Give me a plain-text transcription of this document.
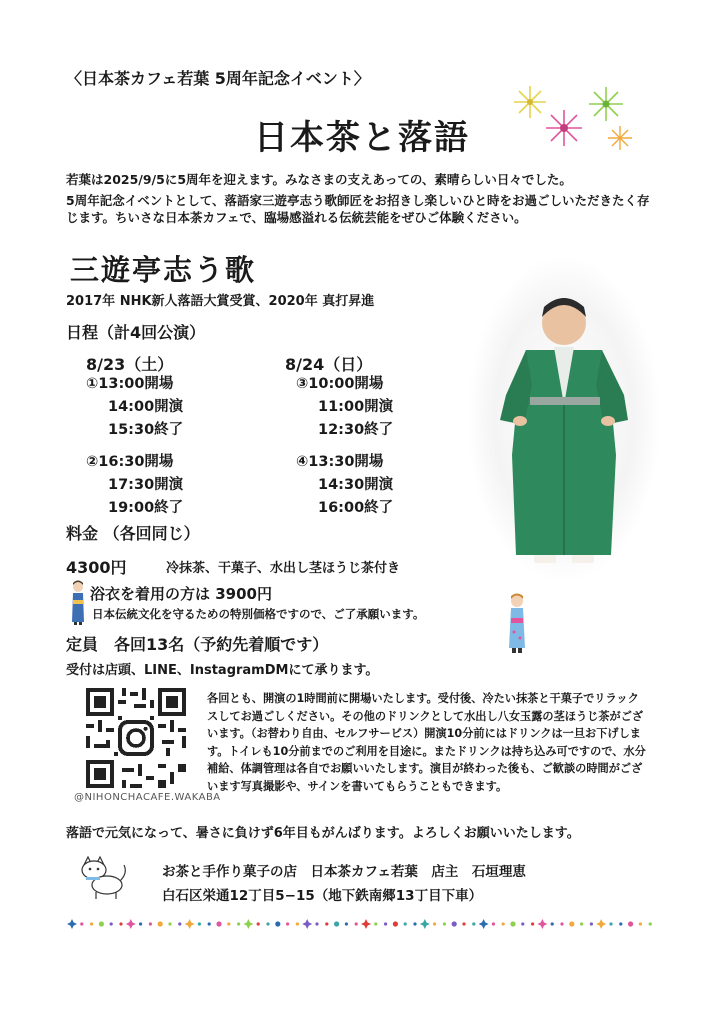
〈日本茶カフェ若葉 5周年記念イベント〉
日本茶と落語

若葉は2025/9/5に5周年を迎えます。みなさまの支えあっての、素晴らしい日々でした。

5周年記念イベントとして、落語家三遊亭志う歌師匠をお招きし楽しいひと時をお過ごしいただきたく存じます。ちいさな日本茶カフェで、臨場感溢れる伝統芸能をぜひご体験ください。

三遊亭志う歌
2017年 NHK新人落語大賞受賞、2020年 真打昇進
日程（計4回公演）
8/23（土）
①13:00開場
14:00開演
15:30終了
②16:30開場
17:30開演
19:00終了
8/24（日）
③10:00開場
11:00開演
12:30終了
④13:30開場
14:30開演
16:00終了
料金 （各回同じ）
4300円	冷抹茶、干菓子、水出し茎ほうじ茶付き
浴衣を着用の方は 3900円
日本伝統文化を守るための特別価格ですので、ご了承願います。
定員　各回13名（予約先着順です）
受付は店頭、LINE、InstagramDMにて承ります。
@NIHONCHACAFE.WAKABA
各回とも、開演の1時間前に開場いたします。受付後、冷たい抹茶と干菓子でリラックスしてお過ごしください。その他のドリンクとして水出し八女玉露の茎ほうじ茶がございます。（お替わり自由、セルフサービス）開演10分前にはドリンクは一旦お下げします。トイレも10分前までのご利用を目途に。またドリンクは持ち込み可ですので、水分補給、体調管理は各自でお願いいたします。演目が終わった後も、ご歓談の時間がございます写真撮影や、サインを書いてもらうこともできます。
落語で元気になって、暑さに負けず6年目もがんばります。よろしくお願いいたします。
お茶と手作り菓子の店　日本茶カフェ若葉　店主　石垣理恵
白石区栄通12丁目5−15（地下鉄南郷13丁目下車）
